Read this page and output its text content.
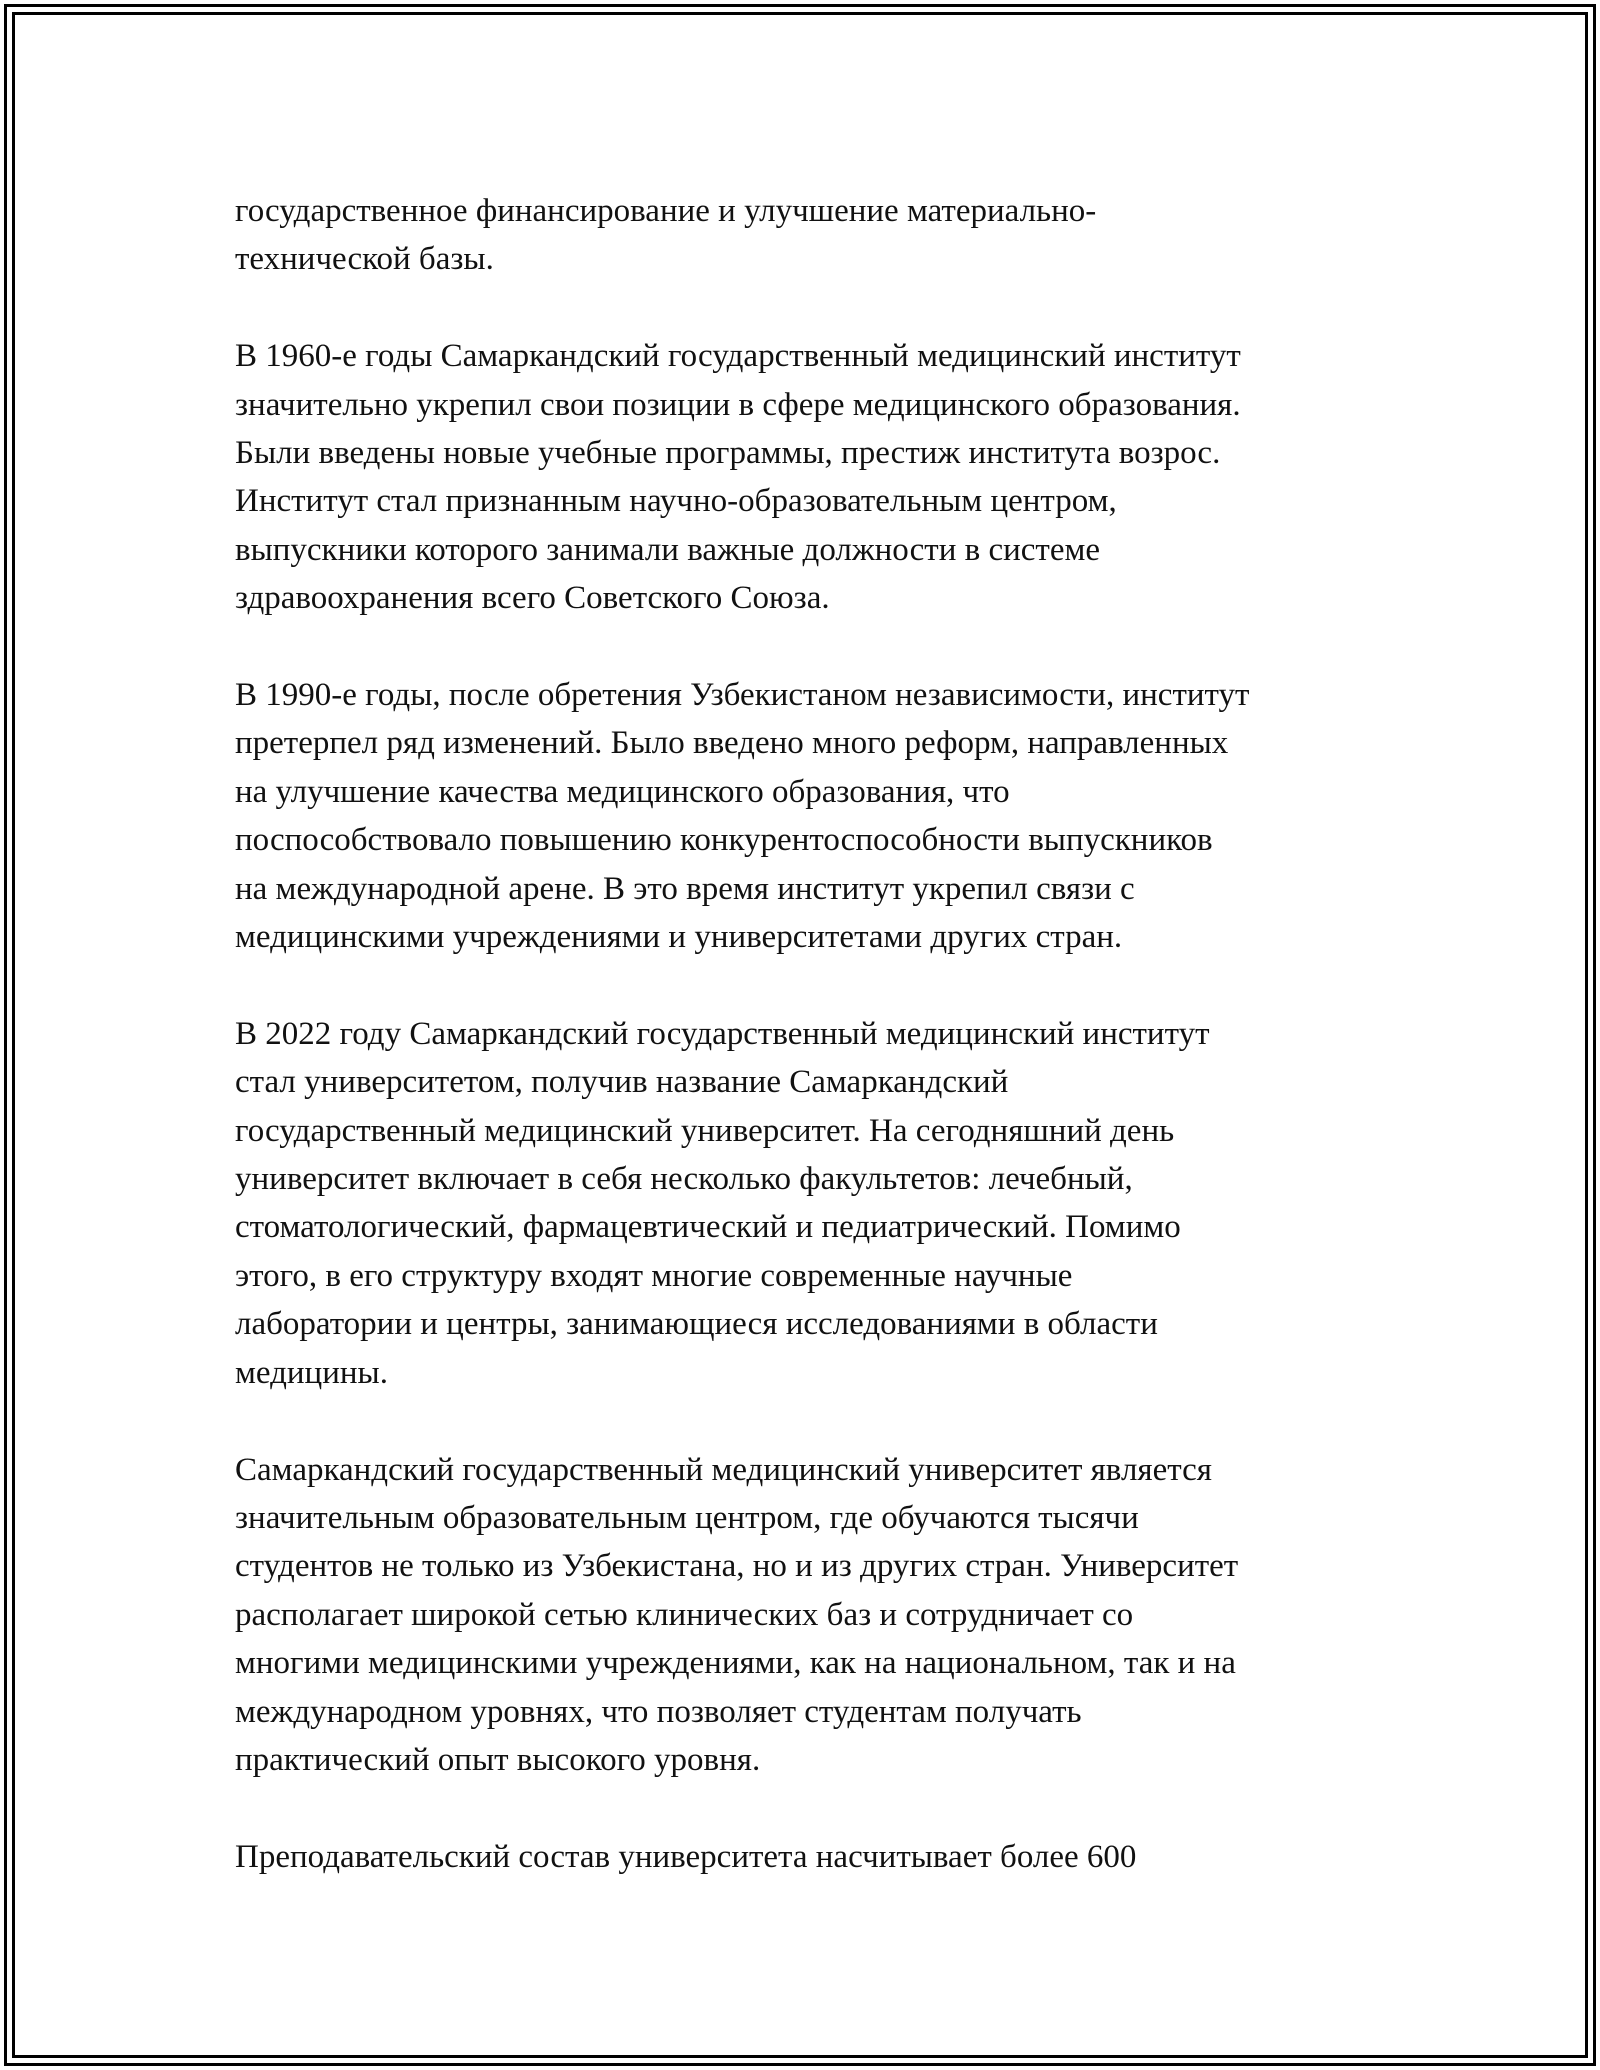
государственное финансирование и улучшение материально-
технической базы.

В 1960-е годы Самаркандский государственный медицинский институт
значительно укрепил свои позиции в сфере медицинского образования.
Были введены новые учебные программы, престиж института возрос.
Институт стал признанным научно-образовательным центром,
выпускники которого занимали важные должности в системе
здравоохранения всего Советского Союза.

В 1990-е годы, после обретения Узбекистаном независимости, институт
претерпел ряд изменений. Было введено много реформ, направленных
на улучшение качества медицинского образования, что
поспособствовало повышению конкурентоспособности выпускников
на международной арене. В это время институт укрепил связи с
медицинскими учреждениями и университетами других стран.

В 2022 году Самаркандский государственный медицинский институт
стал университетом, получив название Самаркандский
государственный медицинский университет. На сегодняшний день
университет включает в себя несколько факультетов: лечебный,
стоматологический, фармацевтический и педиатрический. Помимо
этого, в его структуру входят многие современные научные
лаборатории и центры, занимающиеся исследованиями в области
медицины.

Самаркандский государственный медицинский университет является
значительным образовательным центром, где обучаются тысячи
студентов не только из Узбекистана, но и из других стран. Университет
располагает широкой сетью клинических баз и сотрудничает со
многими медицинскими учреждениями, как на национальном, так и на
международном уровнях, что позволяет студентам получать
практический опыт высокого уровня.

Преподавательский состав университета насчитывает более 600
